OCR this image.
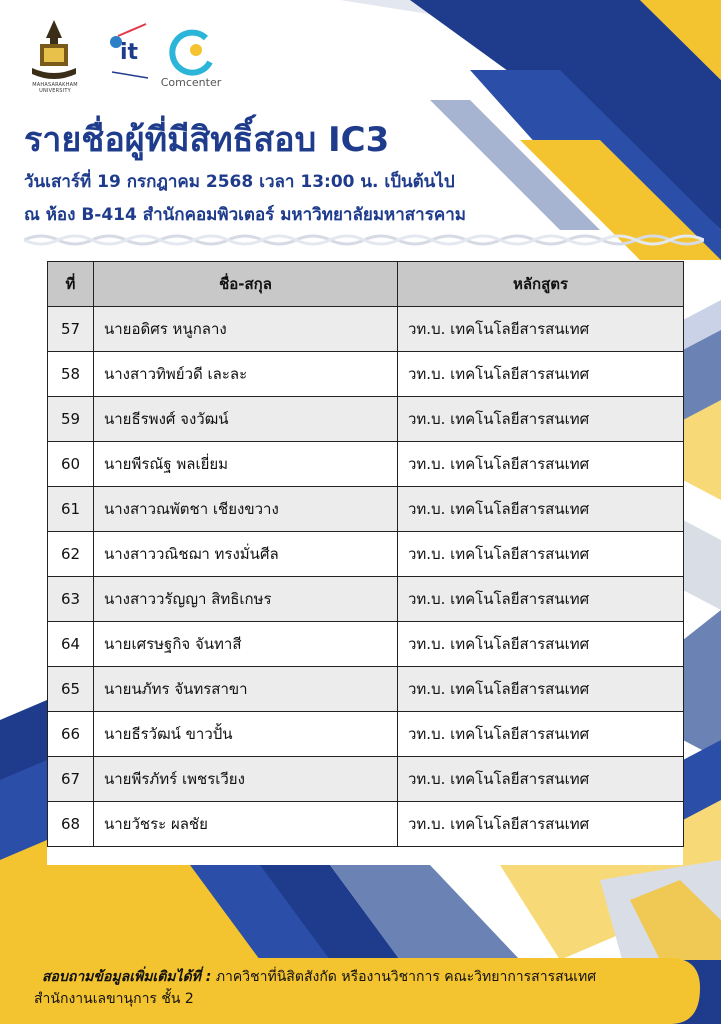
MAHASARAKHAM UNIVERSITY
it
Comcenter
รายชื่อผู้ที่มีสิทธิ์สอบ IC3

วันเสาร์ที่ 19 กรกฎาคม 2568 เวลา 13:00 น. เป็นต้นไป

ณ ห้อง B-414 สำนักคอมพิวเตอร์ มหาวิทยาลัยมหาสารคาม

ที่	ชื่อ-สกุล	หลักสูตร
57	นายอดิศร หนูกลาง	วท.บ. เทคโนโลยีสารสนเทศ
58	นางสาวทิพย์วดี เละละ	วท.บ. เทคโนโลยีสารสนเทศ
59	นายธีรพงศ์ จงวัฒน์	วท.บ. เทคโนโลยีสารสนเทศ
60	นายพีรณัฐ พลเยี่ยม	วท.บ. เทคโนโลยีสารสนเทศ
61	นางสาวณพัตชา เชียงขวาง	วท.บ. เทคโนโลยีสารสนเทศ
62	นางสาววณิชฌา ทรงมั่นศีล	วท.บ. เทคโนโลยีสารสนเทศ
63	นางสาววรัญญา สิทธิเกษร	วท.บ. เทคโนโลยีสารสนเทศ
64	นายเศรษฐกิจ จันทาสี	วท.บ. เทคโนโลยีสารสนเทศ
65	นายนภัทร จันทรสาขา	วท.บ. เทคโนโลยีสารสนเทศ
66	นายธีรวัฒน์ ขาวปั้น	วท.บ. เทคโนโลยีสารสนเทศ
67	นายพีรภัทร์ เพชรเวียง	วท.บ. เทคโนโลยีสารสนเทศ
68	นายวัชระ ผลชัย	วท.บ. เทคโนโลยีสารสนเทศ
สอบถามข้อมูลเพิ่มเติมได้ที่ : ภาควิชาที่นิสิตสังกัด หรืองานวิชาการ คณะวิทยาการสารสนเทศ
สำนักงานเลขานุการ ชั้น 2
